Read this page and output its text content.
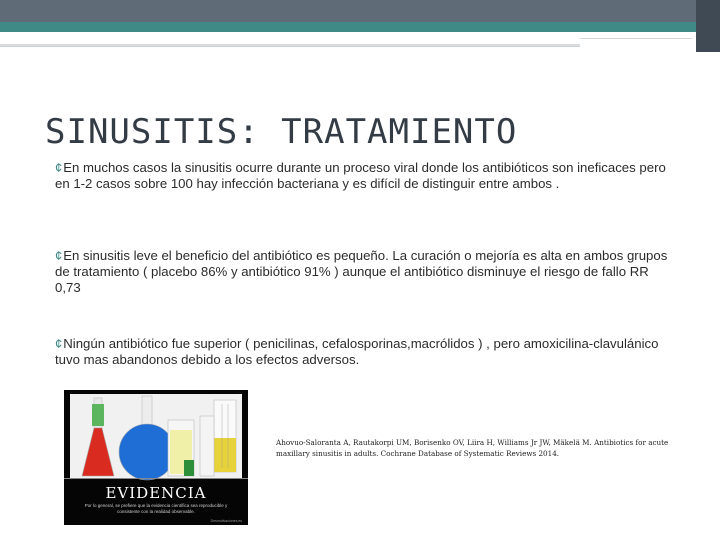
SINUSITIS: TRATAMIENTO
¢En muchos casos la sinusitis ocurre durante un proceso viral donde los antibióticos son ineficaces pero en 1-2 casos sobre 100 hay infección bacteriana y es difícil de distinguir entre ambos .
¢En sinusitis leve el beneficio del antibiótico es pequeño. La curación o mejoría es alta en ambos grupos de tratamiento ( placebo 86% y antibiótico 91% ) aunque el antibiótico disminuye el riesgo de fallo RR 0,73
¢Ningún antibiótico fue superior ( penicilinas, cefalosporinas,macrólidos ) , pero amoxicilina-clavulánico tuvo mas abandonos debido a los efectos adversos.
EVIDENCIA
Por lo general, se prefiere que la evidencia científica sea reproducible y consistente con la realidad observable.
Desmotivaciones.es
Ahovuo-Saloranta A, Rautakorpi UM, Borisenko OV, Liira H, Williams Jr JW, Mäkelä M. Antibiotics for acute maxillary sinusitis in adults. Cochrane Database of Systematic Reviews 2014.
